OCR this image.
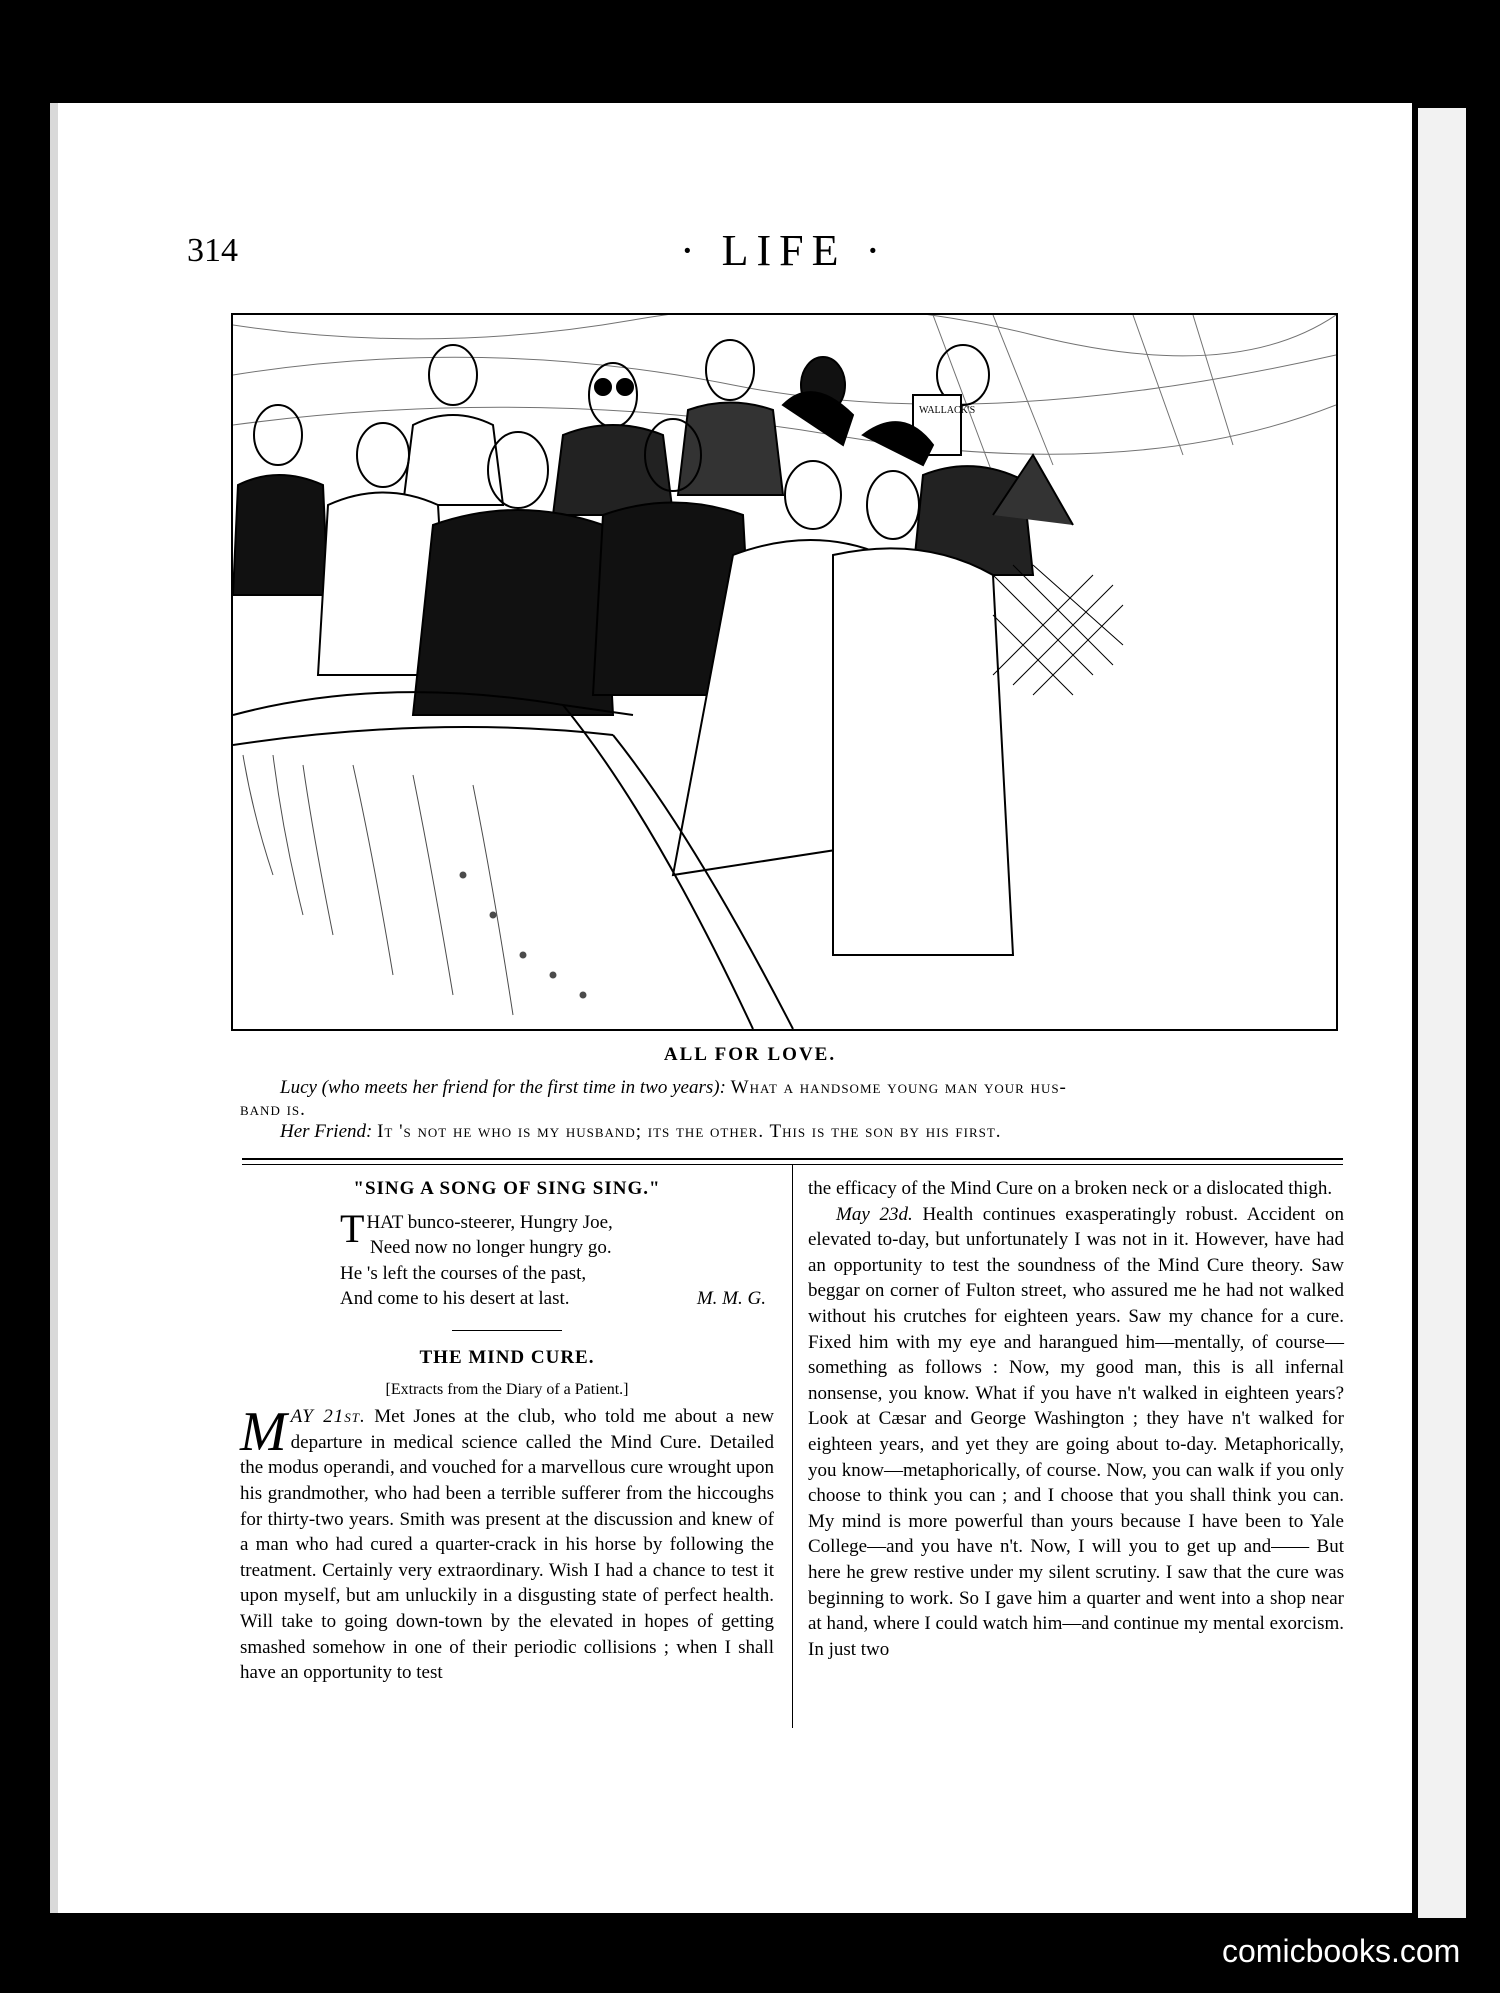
314	· LIFE ·
WALLACK'S
ALL FOR LOVE.
Lucy (who meets her friend for the first time in two years): What a handsome young man your hus-
band is.
Her Friend: It 's not he who is my husband; its the other. This is the son by his first.
"SING A SONG OF SING SING."
T HAT bunco-steerer, Hungry Joe,
Need now no longer hungry go.
He 's left the courses of the past,
And come to his desert at last.	M. M. G.
THE MIND CURE.
[Extracts from the Diary of a Patient.]
M AY 21st. Met Jones at the club, who told me about a new departure in medical science called the Mind Cure. Detailed the modus operandi, and vouched for a marvellous cure wrought upon his grandmother, who had been a terrible sufferer from the hiccoughs for thirty-two years. Smith was present at the discussion and knew of a man who had cured a quarter-crack in his horse by following the treatment. Certainly very extraordinary. Wish I had a chance to test it upon myself, but am unluckily in a disgusting state of perfect health. Will take to going down-town by the elevated in hopes of getting smashed somehow in one of their periodic collisions ; when I shall have an opportunity to test
the efficacy of the Mind Cure on a broken neck or a dislocated thigh.
May 23d. Health continues exasperatingly robust. Accident on elevated to-day, but unfortunately I was not in it. However, have had an opportunity to test the soundness of the Mind Cure theory. Saw beggar on corner of Fulton street, who assured me he had not walked without his crutches for eighteen years. Saw my chance for a cure. Fixed him with my eye and harangued him—mentally, of course—something as follows : Now, my good man, this is all infernal nonsense, you know. What if you have n't walked in eighteen years? Look at Cæsar and George Washington ; they have n't walked for eighteen years, and yet they are going about to-day. Metaphorically, you know—metaphorically, of course. Now, you can walk if you only choose to think you can ; and I choose that you shall think you can. My mind is more powerful than yours because I have been to Yale College—and you have n't. Now, I will you to get up and—— But here he grew restive under my silent scrutiny. I saw that the cure was beginning to work. So I gave him a quarter and went into a shop near at hand, where I could watch him—and continue my mental exorcism. In just two
comicbooks.com
